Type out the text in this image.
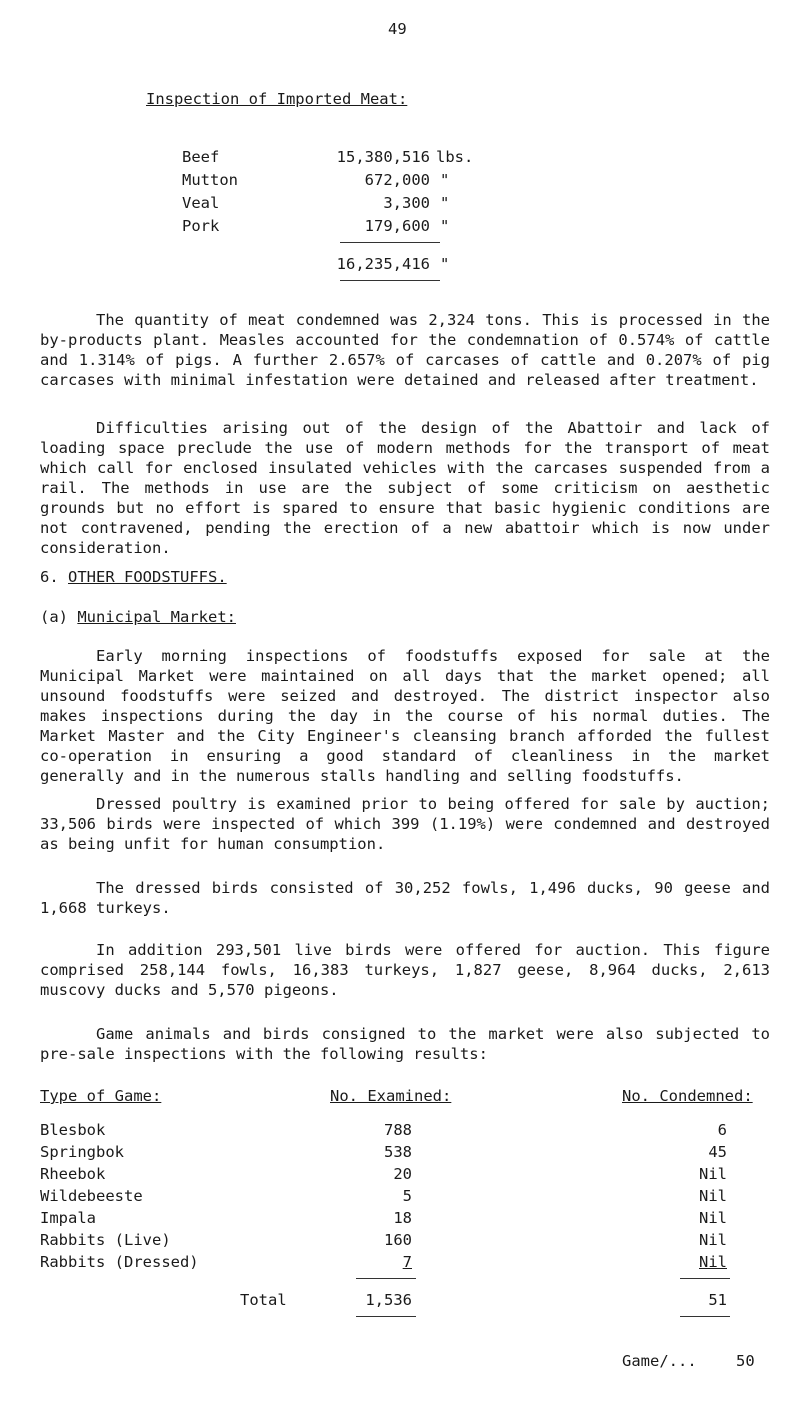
49
Inspection of Imported Meat:
Beef	15,380,516 lbs.
Mutton	672,000 "
Veal	3,300 "
Pork	179,600 "
16,235,416 "
The quantity of meat condemned was 2,324 tons. This is processed in the by-products plant. Measles accounted for the condemnation of 0.574% of cattle and 1.314% of pigs. A further 2.657% of carcases of cattle and 0.207% of pig carcases with minimal infestation were detained and released after treatment.
Difficulties arising out of the design of the Abattoir and lack of loading space preclude the use of modern methods for the transport of meat which call for enclosed insulated vehicles with the carcases suspended from a rail. The methods in use are the subject of some criticism on aesthetic grounds but no effort is spared to ensure that basic hygienic conditions are not contravened, pending the erection of a new abattoir which is now under consideration.
6. OTHER FOODSTUFFS.
(a) Municipal Market:
Early morning inspections of foodstuffs exposed for sale at the Municipal Market were maintained on all days that the market opened; all unsound foodstuffs were seized and destroyed. The district inspector also makes inspections during the day in the course of his normal duties. The Market Master and the City Engineer's cleansing branch afforded the fullest co-operation in ensuring a good standard of cleanliness in the market generally and in the numerous stalls handling and selling foodstuffs.
Dressed poultry is examined prior to being offered for sale by auction; 33,506 birds were inspected of which 399 (1.19%) were condemned and destroyed as being unfit for human consumption.
The dressed birds consisted of 30,252 fowls, 1,496 ducks, 90 geese and 1,668 turkeys.
In addition 293,501 live birds were offered for auction. This figure comprised 258,144 fowls, 16,383 turkeys, 1,827 geese, 8,964 ducks, 2,613 muscovy ducks and 5,570 pigeons.
Game animals and birds consigned to the market were also subjected to pre-sale inspections with the following results:
Type of Game:	No. Examined:	No. Condemned:
Blesbok	788	6
Springbok	538	45
Rheebok	20	Nil
Wildebeeste	5	Nil
Impala	18	Nil
Rabbits (Live)	160	Nil
Rabbits (Dressed)	7	Nil
Total	1,536	51
Game/...	50
